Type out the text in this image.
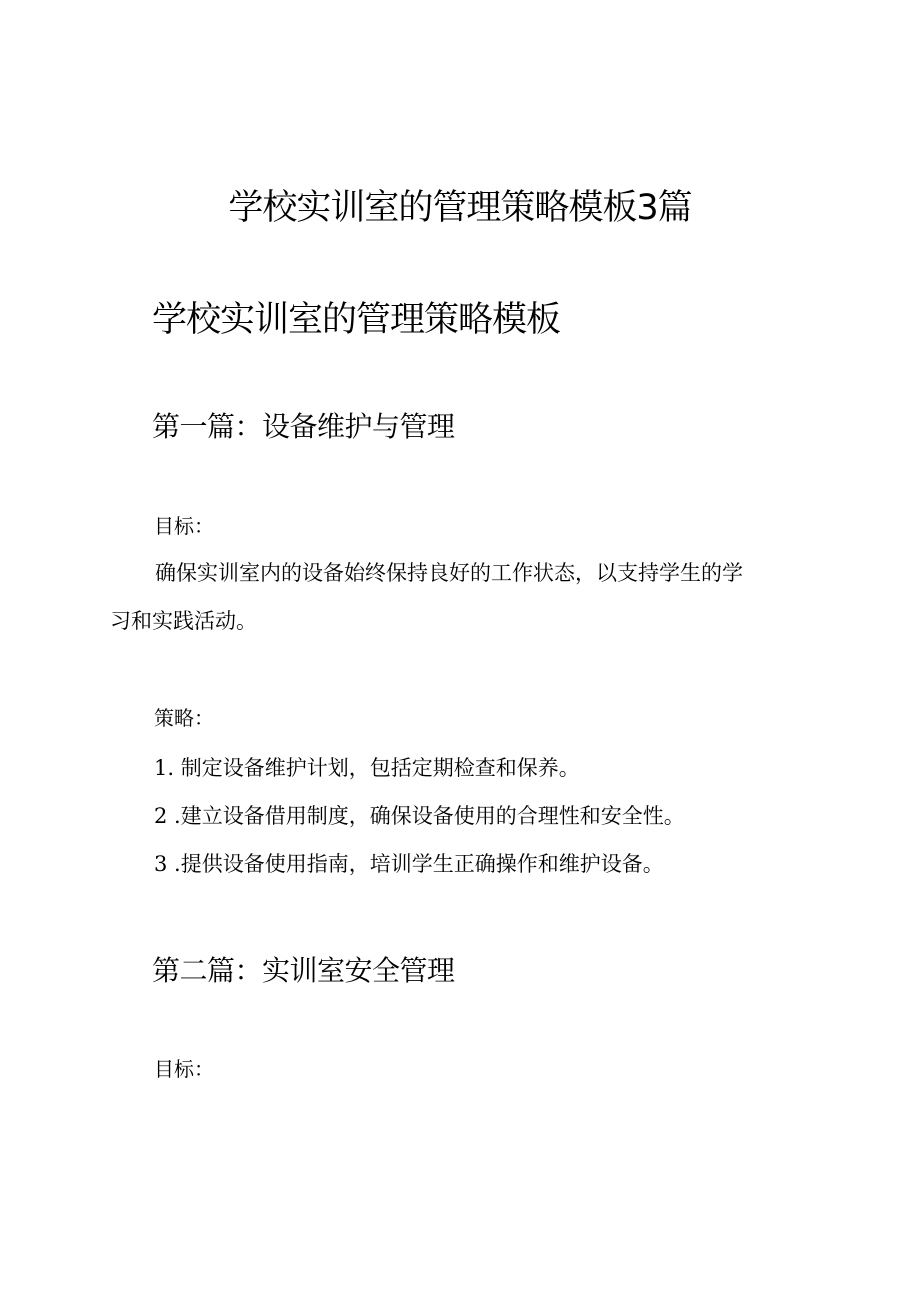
学校实训室的管理策略模板3篇
学校实训室的管理策略模板
第一篇：设备维护与管理
目标：
确保实训室内的设备始终保持良好的工作状态，以支持学生的学
习和实践活动。
策略：
1. 制定设备维护计划，包括定期检查和保养。
2 .建立设备借用制度，确保设备使用的合理性和安全性。
3 .提供设备使用指南，培训学生正确操作和维护设备。
第二篇：实训室安全管理
目标：
